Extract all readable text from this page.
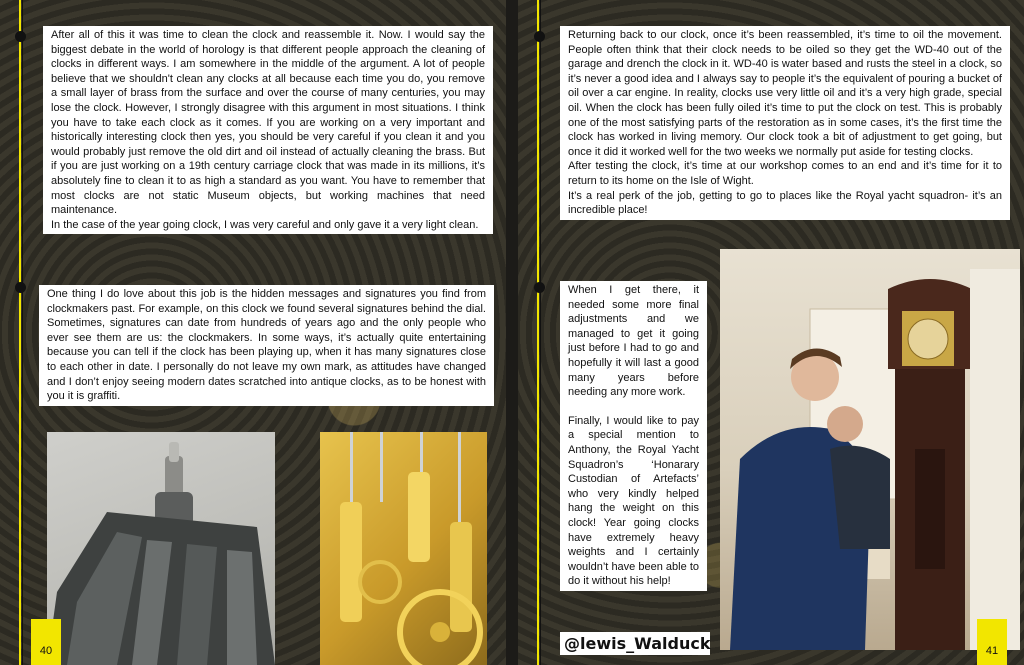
After all of this it was time to clean the clock and reassemble it. Now. I would say the biggest debate in the world of horology is that different people approach the cleaning of clocks in different ways. I am somewhere in the middle of the argument. A lot of people believe that we shouldn't clean any clocks at all because each time you do, you remove a small layer of brass from the surface and over the course of many centuries, you may lose the clock. However, I strongly disagree with this argument in most situations. I think you have to take each clock as it comes. If you are working on a very important and historically interesting clock then yes, you should be very careful if you clean it and you would probably just remove the old dirt and oil instead of actually cleaning the brass. But if you are just working on a 19th century carriage clock that was made in its millions, it’s absolutely fine to clean it to as high a standard as you want. You have to remember that most clocks are not static Museum objects, but working machines that need maintenance.

In the case of the year going clock, I was very careful and only gave it a very light clean.

One thing I do love about this job is the hidden messages and signatures you find from clockmakers past. For example, on this clock we found several signatures behind the dial. Sometimes, signatures can date from hundreds of years ago and the only people who ever see them are us: the clockmakers. In some ways, it’s actually quite entertaining because you can tell if the clock has been playing up, when it has many signatures close to each other in date. I personally do not leave my own mark, as attitudes have changed and I don’t enjoy seeing modern dates scratched into antique clocks, as to be honest with you it is graffiti.

40

Returning back to our clock, once it’s been reassembled, it’s time to oil the movement. People often think that their clock needs to be oiled so they get the WD-40 out of the garage and drench the clock in it. WD-40 is water based and rusts the steel in a clock, so it’s never a good idea and I always say to people it’s the equivalent of pouring a bucket of oil over a car engine. In reality, clocks use very little oil and it’s a very high grade, special oil. When the clock has been fully oiled it’s time to put the clock on test. This is probably one of the most satisfying parts of the restoration as in some cases, it’s the first time the clock has worked in living memory. Our clock took a bit of adjustment to get going, but once it did it worked well for the two weeks we normally put aside for testing clocks.

After testing the clock, it’s time at our workshop comes to an end and it’s time for it to return to its home on the Isle of Wight.

It’s a real perk of the job, getting to go to places like the Royal yacht squadron- it’s an incredible place!

When I get there, it needed some more final adjustments and we managed to get it going just before I had to go and hopefully it will last a good many years before needing any more work.

Finally, I would like to pay a special mention to Anthony, the Royal Yacht Squadron’s ‘Honarary Custodian of Artefacts’ who very kindly helped hang the weight on this clock! Year going clocks have extremely heavy weights and I certainly wouldn’t have been able to do it without his help!

41
@lewis_Walduck
